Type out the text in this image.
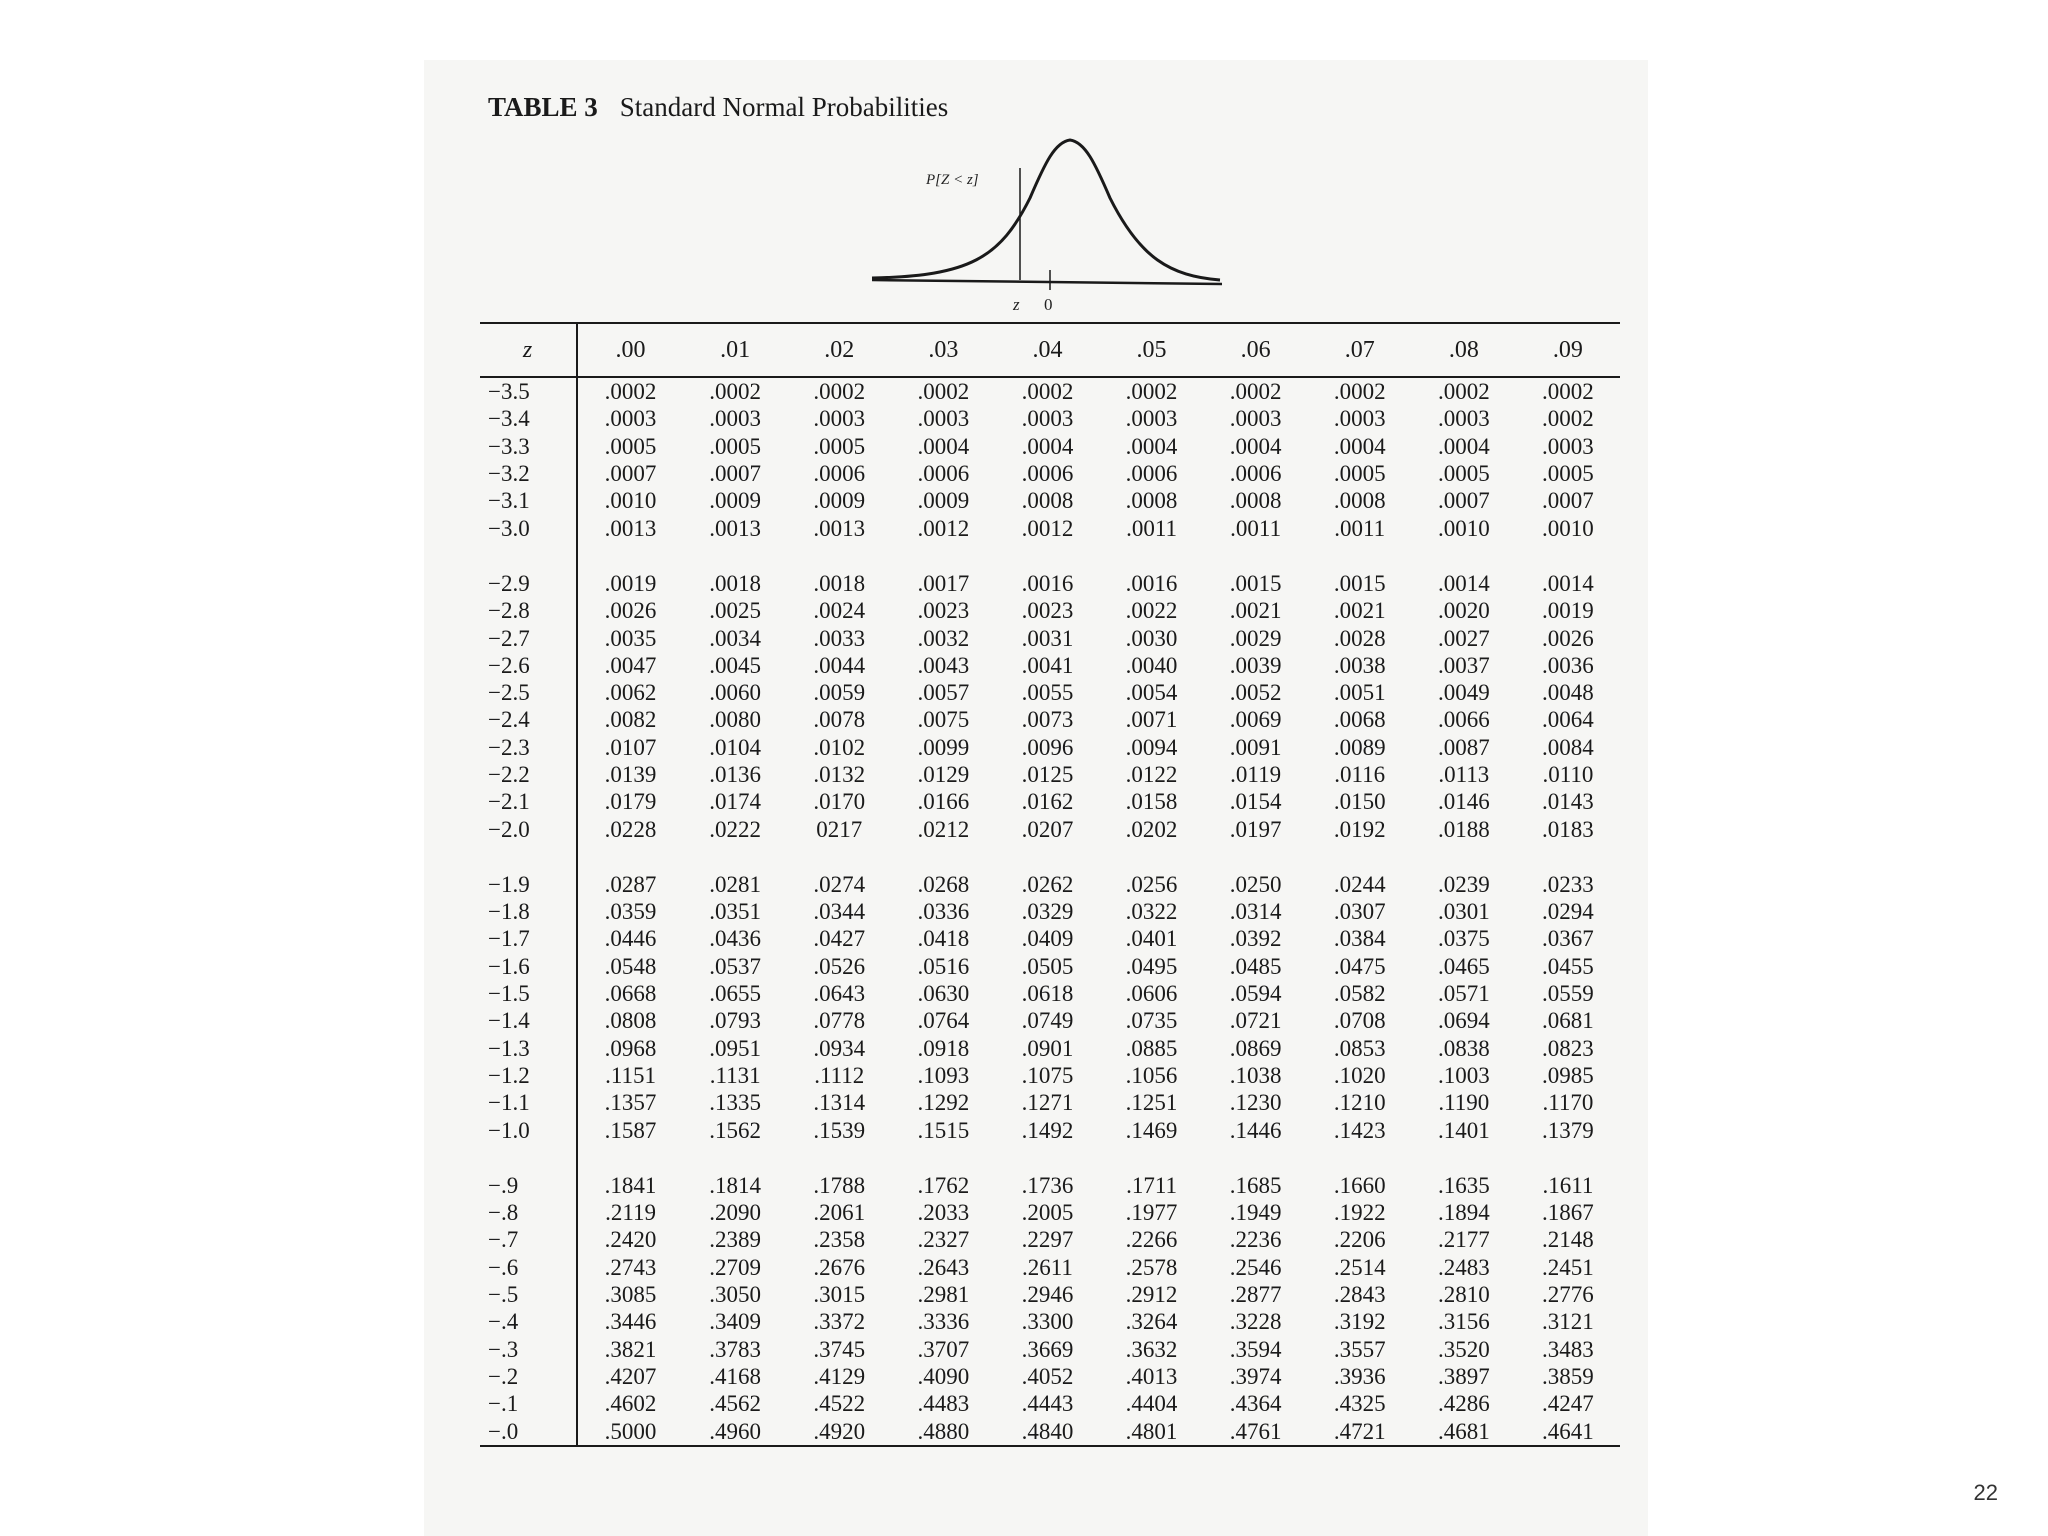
TABLE 3 Standard Normal Probabilities
P[Z < z]
z 0
z	.00	.01	.02	.03	.04	.05	.06	.07	.08	.09
−3.5	.0002	.0002	.0002	.0002	.0002	.0002	.0002	.0002	.0002	.0002
−3.4	.0003	.0003	.0003	.0003	.0003	.0003	.0003	.0003	.0003	.0002
−3.3	.0005	.0005	.0005	.0004	.0004	.0004	.0004	.0004	.0004	.0003
−3.2	.0007	.0007	.0006	.0006	.0006	.0006	.0006	.0005	.0005	.0005
−3.1	.0010	.0009	.0009	.0009	.0008	.0008	.0008	.0008	.0007	.0007
−3.0	.0013	.0013	.0013	.0012	.0012	.0011	.0011	.0011	.0010	.0010

−2.9	.0019	.0018	.0018	.0017	.0016	.0016	.0015	.0015	.0014	.0014
−2.8	.0026	.0025	.0024	.0023	.0023	.0022	.0021	.0021	.0020	.0019
−2.7	.0035	.0034	.0033	.0032	.0031	.0030	.0029	.0028	.0027	.0026
−2.6	.0047	.0045	.0044	.0043	.0041	.0040	.0039	.0038	.0037	.0036
−2.5	.0062	.0060	.0059	.0057	.0055	.0054	.0052	.0051	.0049	.0048
−2.4	.0082	.0080	.0078	.0075	.0073	.0071	.0069	.0068	.0066	.0064
−2.3	.0107	.0104	.0102	.0099	.0096	.0094	.0091	.0089	.0087	.0084
−2.2	.0139	.0136	.0132	.0129	.0125	.0122	.0119	.0116	.0113	.0110
−2.1	.0179	.0174	.0170	.0166	.0162	.0158	.0154	.0150	.0146	.0143
−2.0	.0228	.0222	0217	.0212	.0207	.0202	.0197	.0192	.0188	.0183

−1.9	.0287	.0281	.0274	.0268	.0262	.0256	.0250	.0244	.0239	.0233
−1.8	.0359	.0351	.0344	.0336	.0329	.0322	.0314	.0307	.0301	.0294
−1.7	.0446	.0436	.0427	.0418	.0409	.0401	.0392	.0384	.0375	.0367
−1.6	.0548	.0537	.0526	.0516	.0505	.0495	.0485	.0475	.0465	.0455
−1.5	.0668	.0655	.0643	.0630	.0618	.0606	.0594	.0582	.0571	.0559
−1.4	.0808	.0793	.0778	.0764	.0749	.0735	.0721	.0708	.0694	.0681
−1.3	.0968	.0951	.0934	.0918	.0901	.0885	.0869	.0853	.0838	.0823
−1.2	.1151	.1131	.1112	.1093	.1075	.1056	.1038	.1020	.1003	.0985
−1.1	.1357	.1335	.1314	.1292	.1271	.1251	.1230	.1210	.1190	.1170
−1.0	.1587	.1562	.1539	.1515	.1492	.1469	.1446	.1423	.1401	.1379

−.9	.1841	.1814	.1788	.1762	.1736	.1711	.1685	.1660	.1635	.1611
−.8	.2119	.2090	.2061	.2033	.2005	.1977	.1949	.1922	.1894	.1867
−.7	.2420	.2389	.2358	.2327	.2297	.2266	.2236	.2206	.2177	.2148
−.6	.2743	.2709	.2676	.2643	.2611	.2578	.2546	.2514	.2483	.2451
−.5	.3085	.3050	.3015	.2981	.2946	.2912	.2877	.2843	.2810	.2776
−.4	.3446	.3409	.3372	.3336	.3300	.3264	.3228	.3192	.3156	.3121
−.3	.3821	.3783	.3745	.3707	.3669	.3632	.3594	.3557	.3520	.3483
−.2	.4207	.4168	.4129	.4090	.4052	.4013	.3974	.3936	.3897	.3859
−.1	.4602	.4562	.4522	.4483	.4443	.4404	.4364	.4325	.4286	.4247
−.0	.5000	.4960	.4920	.4880	.4840	.4801	.4761	.4721	.4681	.4641

22
